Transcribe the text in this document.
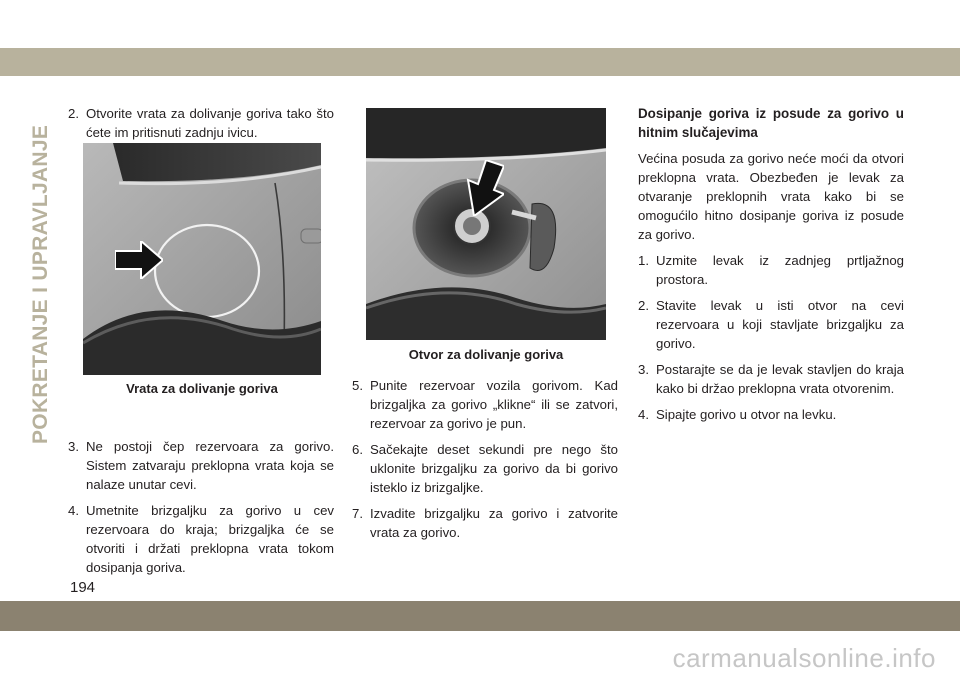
POKRETANJE I UPRAVLJANJE
2. Otvorite vrata za dolivanje goriva tako što ćete im pritisnuti zadnju ivicu.
3. Ne postoji čep rezervoara za gorivo. Sistem zatvaraju preklopna vrata koja se nalaze unutar cevi.
4. Umetnite brizgaljku za gorivo u cev rezervoara do kraja; brizgaljka će se otvoriti i držati preklopna vrata tokom dosipanja goriva.
Vrata za dolivanje goriva
Otvor za dolivanje goriva
5. Punite rezervoar vozila gorivom. Kad brizgaljka za gorivo „klikne“ ili se zatvori, rezervoar za gorivo je pun.
6. Sačekajte deset sekundi pre nego što uklonite brizgaljku za gorivo da bi gorivo isteklo iz brizgaljke.
7. Izvadite brizgaljku za gorivo i zatvorite vrata za gorivo.
Dosipanje goriva iz posude za gorivo u hitnim slučajevima
Većina posuda za gorivo neće moći da otvori preklopna vrata. Obezbeđen je levak za otvaranje preklopnih vrata kako bi se omogućilo hitno dosipanje goriva iz posude za gorivo.
1. Uzmite levak iz zadnjeg prtljažnog prostora.
2. Stavite levak u isti otvor na cevi rezervoara u koji stavljate brizgaljku za gorivo.
3. Postarajte se da je levak stavljen do kraja kako bi držao preklopna vrata otvorenim.
4. Sipajte gorivo u otvor na levku.
194
carmanualsonline.info
